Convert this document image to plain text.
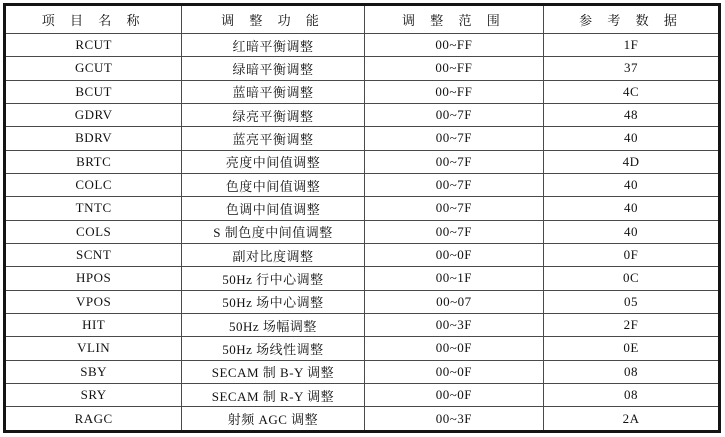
项 目 名 称	调 整 功 能	调 整 范 围	参 考 数 据
RCUT	红暗平衡调整	00~FF	1F
GCUT	绿暗平衡调整	00~FF	37
BCUT	蓝暗平衡调整	00~FF	4C
GDRV	绿亮平衡调整	00~7F	48
BDRV	蓝亮平衡调整	00~7F	40
BRTC	亮度中间值调整	00~7F	4D
COLC	色度中间值调整	00~7F	40
TNTC	色调中间值调整	00~7F	40
COLS	S 制色度中间值调整	00~7F	40
SCNT	副对比度调整	00~0F	0F
HPOS	50Hz 行中心调整	00~1F	0C
VPOS	50Hz 场中心调整	00~07	05
HIT	50Hz 场幅调整	00~3F	2F
VLIN	50Hz 场线性调整	00~0F	0E
SBY	SECAM 制 B-Y 调整	00~0F	08
SRY	SECAM 制 R-Y 调整	00~0F	08
RAGC	射频 AGC 调整	00~3F	2A
